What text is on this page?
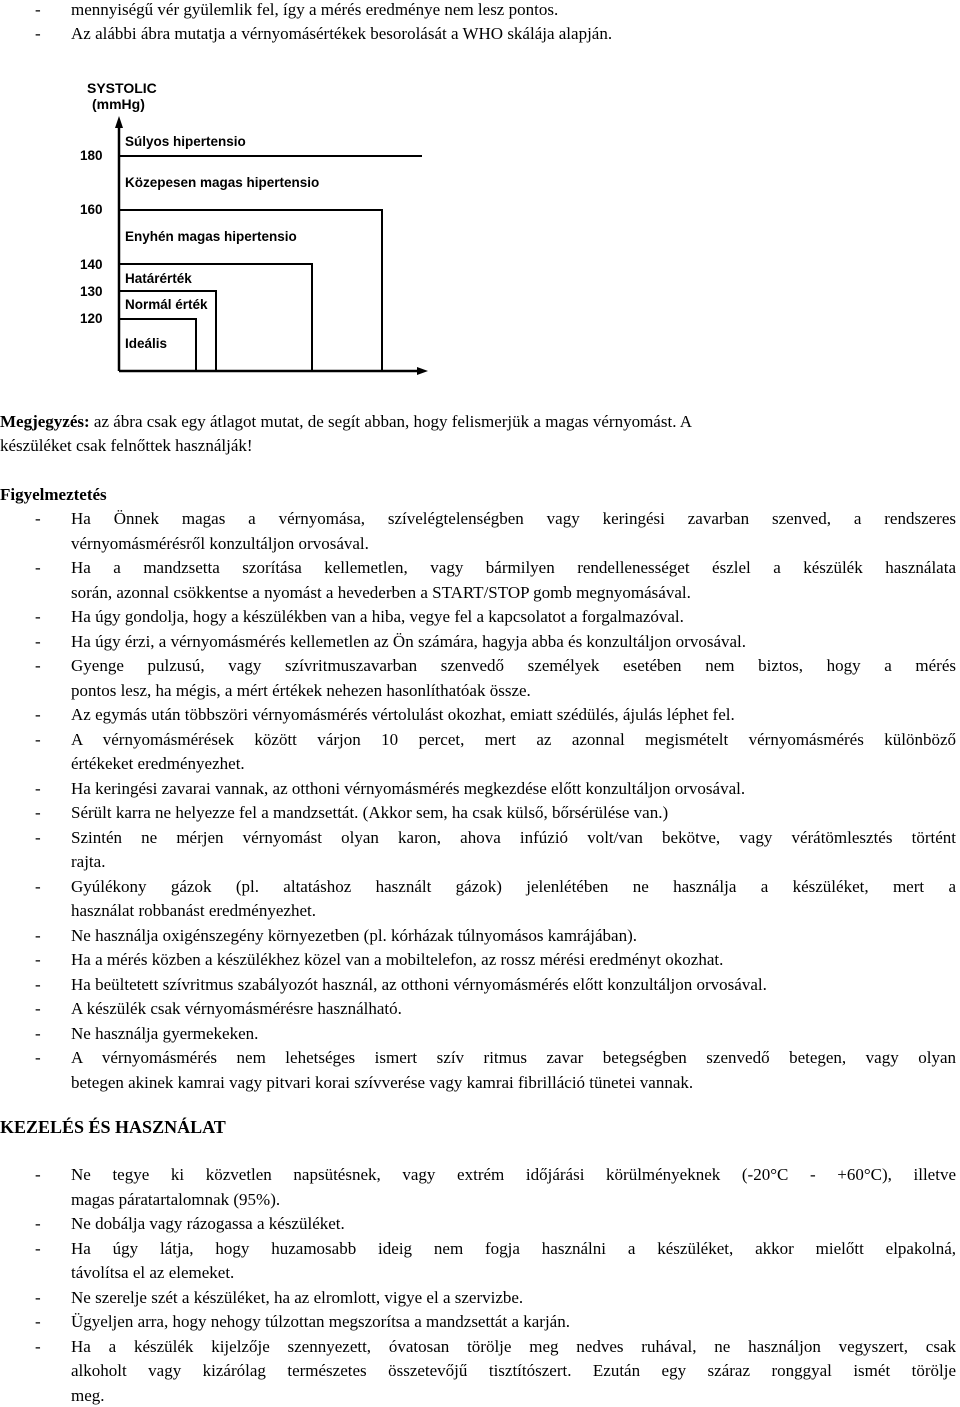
-	mennyiségű vér gyülemlik fel, így a mérés eredménye nem lesz pontos.
-	Az alábbi ábra mutatja a vérnyomásértékek besorolását a WHO skálája alapján.
SYSTOLIC
(mmHg)
180
160
140
130
120
Súlyos hipertensio
Közepesen magas hipertensio
Enyhén magas hipertensio
Határérték
Normál érték
Ideális
Megjegyzés: az ábra csak egy átlagot mutat, de segít abban, hogy felismerjük a magas vérnyomást. A
készüléket csak felnőttek használják!
Figyelmeztetés
-	Ha Önnek magas a vérnyomása, szívelégtelenségben vagy keringési zavarban szenved, a rendszeres
vérnyomásmérésről konzultáljon orvosával.
-	Ha a mandzsetta szorítása kellemetlen, vagy bármilyen rendellenességet észlel a készülék használata
során, azonnal csökkentse a nyomást a hevederben a START/STOP gomb megnyomásával.
-	Ha úgy gondolja, hogy a készülékben van a hiba, vegye fel a kapcsolatot a forgalmazóval.
-	Ha úgy érzi, a vérnyomásmérés kellemetlen az Ön számára, hagyja abba és konzultáljon orvosával.
-	Gyenge pulzusú, vagy szívritmuszavarban szenvedő személyek esetében nem biztos, hogy a mérés
pontos lesz, ha mégis, a mért értékek nehezen hasonlíthatóak össze.
-	Az egymás után többszöri vérnyomásmérés vértolulást okozhat, emiatt szédülés, ájulás léphet fel.
-	A vérnyomásmérések között várjon 10 percet, mert az azonnal megismételt vérnyomásmérés különböző
értékeket eredményezhet.
-	Ha keringési zavarai vannak, az otthoni vérnyomásmérés megkezdése előtt konzultáljon orvosával.
-	Sérült karra ne helyezze fel a mandzsettát. (Akkor sem, ha csak külső, bőrsérülése van.)
-	Szintén ne mérjen vérnyomást olyan karon, ahova infúzió volt/van bekötve, vagy vérátömlesztés történt
rajta.
-	Gyúlékony gázok (pl. altatáshoz használt gázok) jelenlétében ne használja a készüléket, mert a
használat robbanást eredményezhet.
-	Ne használja oxigénszegény környezetben (pl. kórházak túlnyomásos kamrájában).
-	Ha a mérés közben a készülékhez közel van a mobiltelefon, az rossz mérési eredményt okozhat.
-	Ha beültetett szívritmus szabályozót használ, az otthoni vérnyomásmérés előtt konzultáljon orvosával.
-	A készülék csak vérnyomásmérésre használható.
-	Ne használja gyermekeken.
-	A vérnyomásmérés nem lehetséges ismert szív ritmus zavar betegségben szenvedő betegen, vagy olyan
betegen akinek kamrai vagy pitvari korai szívverése vagy kamrai fibrilláció tünetei vannak.
KEZELÉS ÉS HASZNÁLAT
-	Ne tegye ki közvetlen napsütésnek, vagy extrém időjárási körülményeknek (-20°C - +60°C), illetve
magas páratartalomnak (95%).
-	Ne dobálja vagy rázogassa a készüléket.
-	Ha úgy látja, hogy huzamosabb ideig nem fogja használni a készüléket, akkor mielőtt elpakolná,
távolítsa el az elemeket.
-	Ne szerelje szét a készüléket, ha az elromlott, vigye el a szervizbe.
-	Ügyeljen arra, hogy nehogy túlzottan megszorítsa a mandzsettát a karján.
-	Ha a készülék kijelzője szennyezett, óvatosan törölje meg nedves ruhával, ne használjon vegyszert, csak
alkoholt vagy kizárólag természetes összetevőjű tisztítószert. Ezután egy száraz ronggyal ismét törölje
meg.
